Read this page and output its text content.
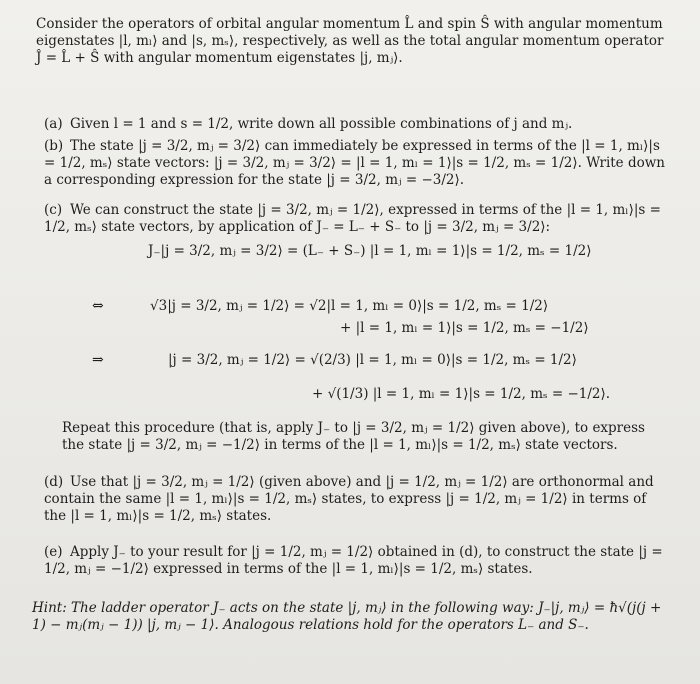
Consider the operators of orbital angular momentum L̂ and spin Ŝ with angular momentum eigenstates |l, mₗ⟩ and |s, mₛ⟩, respectively, as well as the total angular momentum operator Ĵ = L̂ + Ŝ with angular momentum eigenstates |j, mⱼ⟩.
(a) Given l = 1 and s = 1/2, write down all possible combinations of j and mⱼ.
(b) The state |j = 3/2, mⱼ = 3/2⟩ can immediately be expressed in terms of the |l = 1, mₗ⟩|s = 1/2, mₛ⟩ state vectors: |j = 3/2, mⱼ = 3/2⟩ = |l = 1, mₗ = 1⟩|s = 1/2, mₛ = 1/2⟩. Write down a corresponding expression for the state |j = 3/2, mⱼ = −3/2⟩.
(c) We can construct the state |j = 3/2, mⱼ = 1/2⟩, expressed in terms of the |l = 1, mₗ⟩|s = 1/2, mₛ⟩ state vectors, by application of J₋ = L₋ + S₋ to |j = 3/2, mⱼ = 3/2⟩:
J₋|j = 3/2, mⱼ = 3/2⟩ = (L₋ + S₋) |l = 1, mₗ = 1⟩|s = 1/2, mₛ = 1/2⟩
⇔	√3|j = 3/2, mⱼ = 1/2⟩ = √2|l = 1, mₗ = 0⟩|s = 1/2, mₛ = 1/2⟩
+ |l = 1, mₗ = 1⟩|s = 1/2, mₛ = −1/2⟩
⇒	|j = 3/2, mⱼ = 1/2⟩ = √(2/3) |l = 1, mₗ = 0⟩|s = 1/2, mₛ = 1/2⟩
+ √(1/3) |l = 1, mₗ = 1⟩|s = 1/2, mₛ = −1/2⟩.
Repeat this procedure (that is, apply J₋ to |j = 3/2, mⱼ = 1/2⟩ given above), to express the state |j = 3/2, mⱼ = −1/2⟩ in terms of the |l = 1, mₗ⟩|s = 1/2, mₛ⟩ state vectors.
(d) Use that |j = 3/2, mⱼ = 1/2⟩ (given above) and |j = 1/2, mⱼ = 1/2⟩ are orthonormal and contain the same |l = 1, mₗ⟩|s = 1/2, mₛ⟩ states, to express |j = 1/2, mⱼ = 1/2⟩ in terms of the |l = 1, mₗ⟩|s = 1/2, mₛ⟩ states.
(e) Apply J₋ to your result for |j = 1/2, mⱼ = 1/2⟩ obtained in (d), to construct the state |j = 1/2, mⱼ = −1/2⟩ expressed in terms of the |l = 1, mₗ⟩|s = 1/2, mₛ⟩ states.
Hint: The ladder operator J₋ acts on the state |j, mⱼ⟩ in the following way: J₋|j, mⱼ⟩ = ħ√(j(j + 1) − mⱼ(mⱼ − 1)) |j, mⱼ − 1⟩. Analogous relations hold for the operators L₋ and S₋.
